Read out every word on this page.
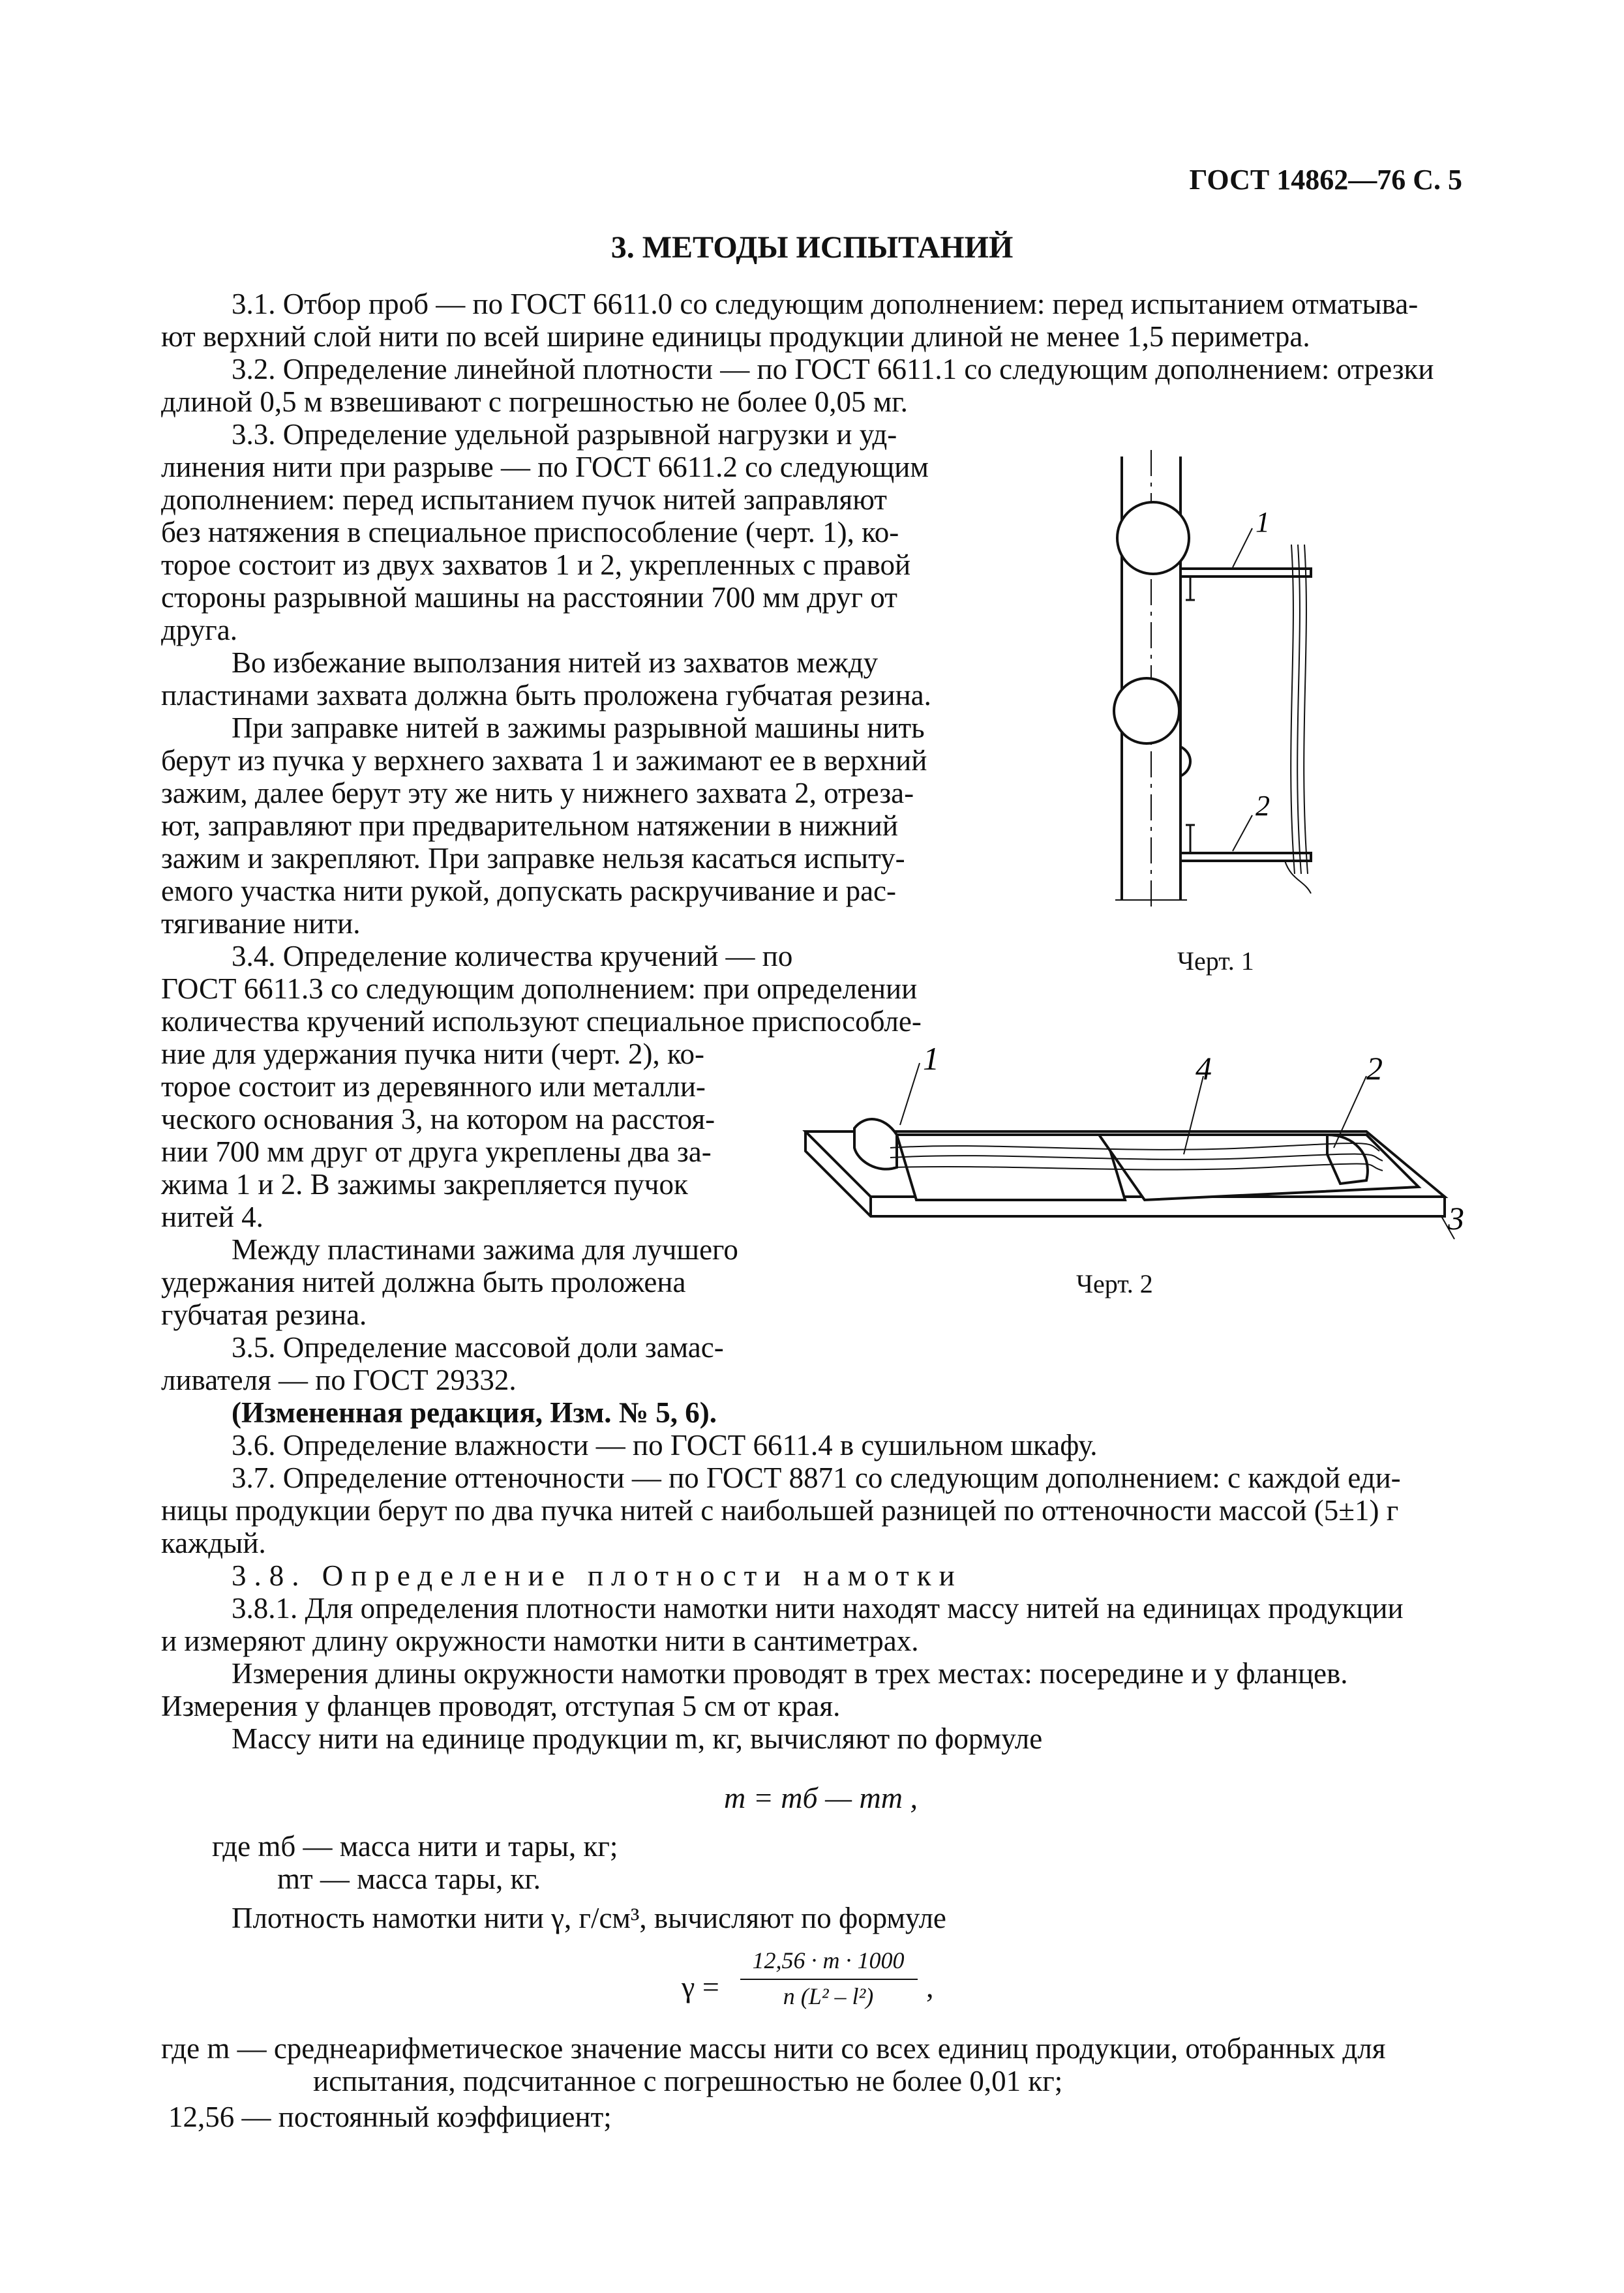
ГОСТ 14862—76 С. 5
3. МЕТОДЫ ИСПЫТАНИЙ
3.1. Отбор проб — по ГОСТ 6611.0 со следующим дополнением: перед испытанием отматыва-
ют верхний слой нити по всей ширине единицы продукции длиной не менее 1,5 периметра.
3.2. Определение линейной плотности — по ГОСТ 6611.1 со следующим дополнением: отрезки
длиной 0,5 м взвешивают с погрешностью не более 0,05 мг.
3.3. Определение удельной разрывной нагрузки и уд-
линения нити при разрыве — по ГОСТ 6611.2 со следующим
дополнением: перед испытанием пучок нитей заправляют
без натяжения в специальное приспособление (черт. 1), ко-
торое состоит из двух захватов 1 и 2, укрепленных с правой
стороны разрывной машины на расстоянии 700 мм друг от
друга.
Во избежание выползания нитей из захватов между
пластинами захвата должна быть проложена губчатая резина.
При заправке нитей в зажимы разрывной машины нить
берут из пучка у верхнего захвата 1 и зажимают ее в верхний
зажим, далее берут эту же нить у нижнего захвата 2, отреза-
ют, заправляют при предварительном натяжении в нижний
зажим и закрепляют. При заправке нельзя касаться испыту-
емого участка нити рукой, допускать раскручивание и рас-
тягивание нити.
3.4. Определение количества кручений — по
ГОСТ 6611.3 со следующим дополнением: при определении
количества кручений используют специальное приспособле-
ние для удержания пучка нити (черт. 2), ко-
торое состоит из деревянного или металли-
ческого основания 3, на котором на расстоя-
нии 700 мм друг от друга укреплены два за-
жима 1 и 2. В зажимы закрепляется пучок
нитей 4.
Между пластинами зажима для лучшего
удержания нитей должна быть проложена
губчатая резина.
3.5. Определение массовой доли замас-
ливателя — по ГОСТ 29332.
(Измененная редакция, Изм. № 5, 6).
3.6. Определение влажности — по ГОСТ 6611.4 в сушильном шкафу.
3.7. Определение оттеночности — по ГОСТ 8871 со следующим дополнением: с каждой еди-
ницы продукции берут по два пучка нитей с наибольшей разницей по оттеночности массой (5±1) г
каждый.
3.8. Определение плотности намотки
3.8.1. Для определения плотности намотки нити находят массу нитей на единицах продукции
и измеряют длину окружности намотки нити в сантиметрах.
Измерения длины окружности намотки проводят в трех местах: посередине и у фланцев.
Измерения у фланцев проводят, отступая 5 см от края.
Массу нити на единице продукции m, кг, вычисляют по формуле
m = mб — mт ,
где mб — масса нити и тары, кг;
mт — масса тары, кг.
Плотность намотки нити γ, г/см³, вычисляют по формуле
γ =
12,56 · m · 1000
n (L² – l²)	,
где m — среднеарифметическое значение массы нити со всех единиц продукции, отобранных для
испытания, подсчитанное с погрешностью не более 0,01 кг;
12,56 — постоянный коэффициент;
1
2
Черт. 1
1	4	2
3
Черт. 2
